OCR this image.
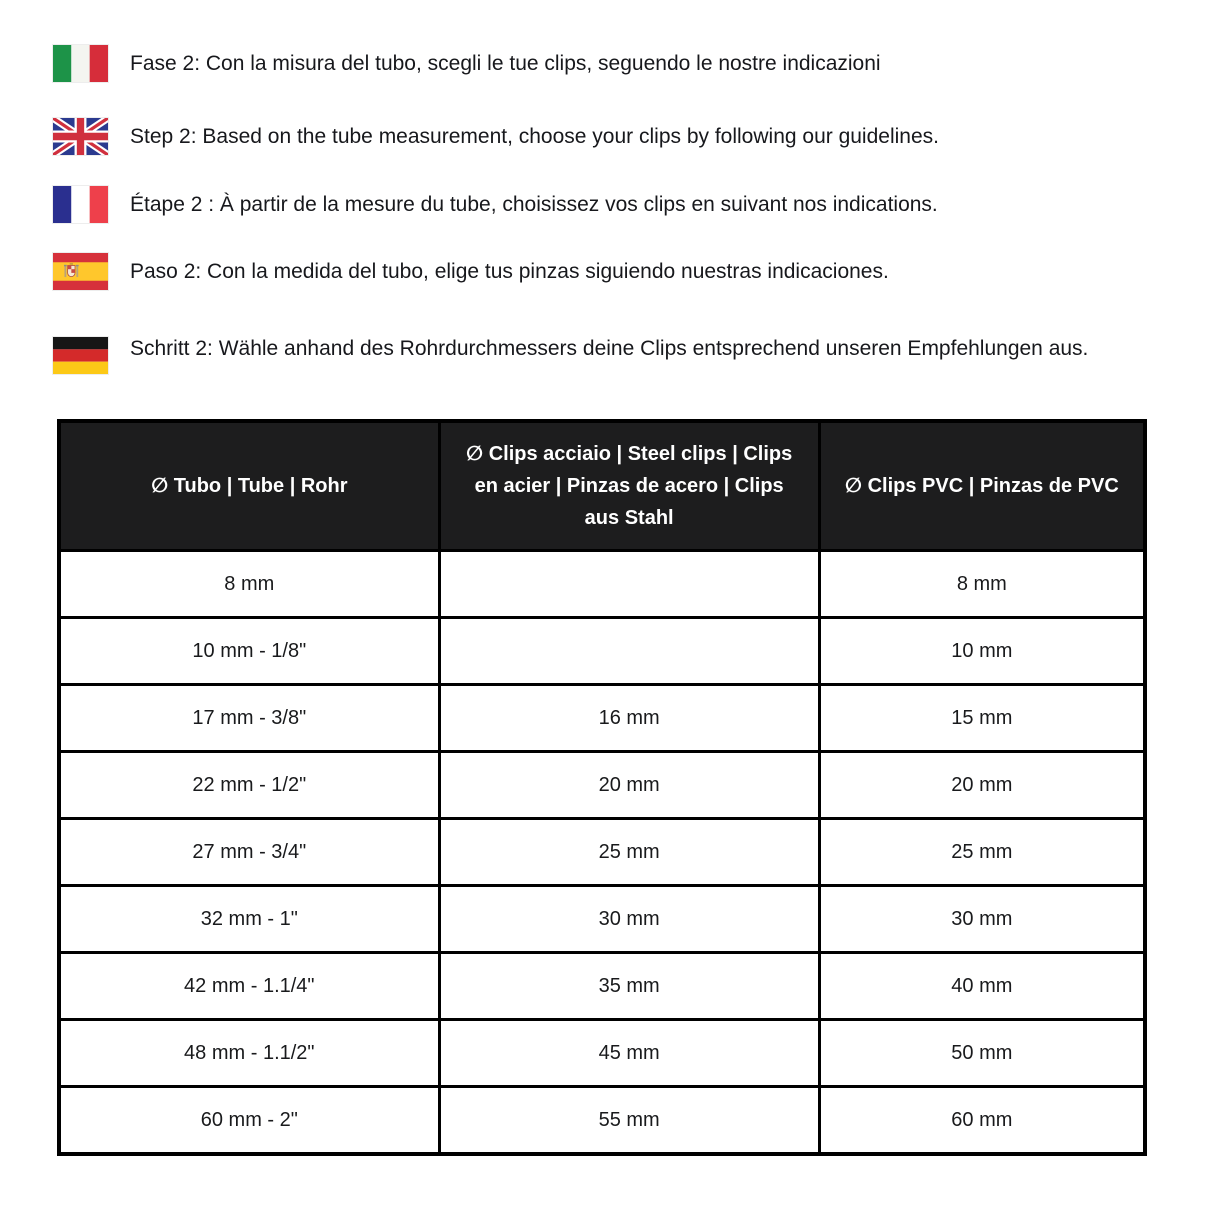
Fase 2: Con la misura del tubo, scegli le tue clips, seguendo le nostre indicazioni

Step 2: Based on the tube measurement, choose your clips by following our guidelines.

Étape 2 : À partir de la mesure du tube, choisissez vos clips en suivant nos indications.

Paso 2: Con la medida del tubo, elige tus pinzas siguiendo nuestras indicaciones.

Schritt 2: Wähle anhand des Rohrdurchmessers deine Clips entsprechend unseren Empfehlungen aus.

∅ Tubo | Tube | Rohr	∅ Clips acciaio | Steel clips | Clips en acier | Pinzas de acero | Clips aus Stahl	∅ Clips PVC | Pinzas de PVC
8 mm		8 mm
10 mm - 1/8"		10 mm
17 mm - 3/8"	16 mm	15 mm
22 mm - 1/2"	20 mm	20 mm
27 mm - 3/4"	25 mm	25 mm
32 mm - 1"	30 mm	30 mm
42 mm - 1.1/4"	35 mm	40 mm
48 mm - 1.1/2"	45 mm	50 mm
60 mm - 2"	55 mm	60 mm
